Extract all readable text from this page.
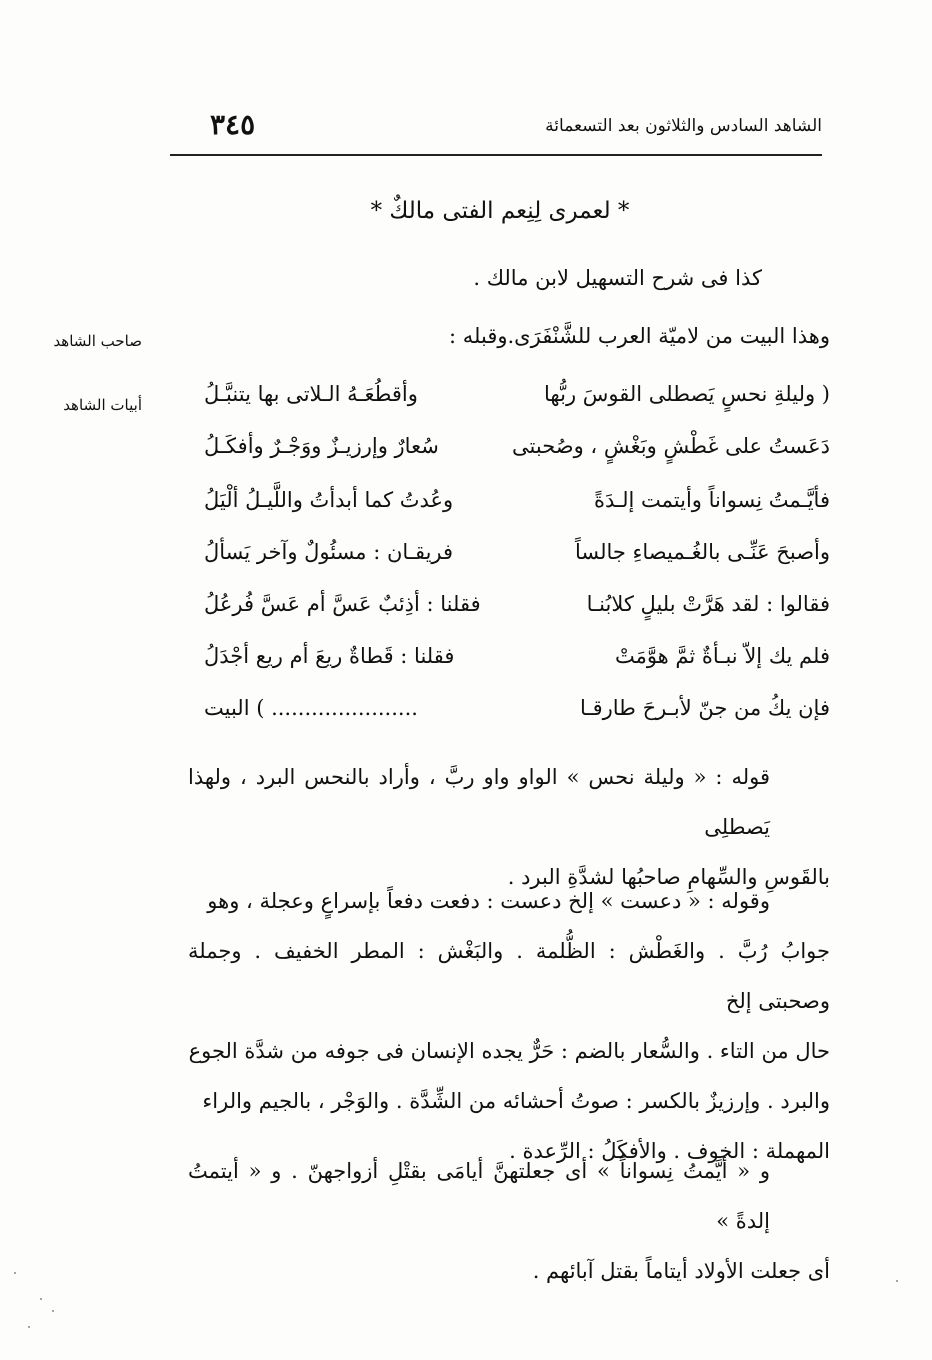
٣٤٥	الشاهد السادس والثلاثون بعد التسعمائة
* لعمرى لِنِعم الفتى مالكٌ *
كذا فى شرح التسهيل لابن مالك .
وهذا البيت من لاميّة العرب للشَّنْفَرَى.وقبله :
صاحب الشاهد
أبيات الشاهد	( وليلةِ نحسٍ يَصطلى القوسَ ربُّها
وأقطُعَـهُ الـلاتى بها يتنبَّـلُ
دَعَستُ على غَطْشٍ وبَغْشٍ ، وصُحبتى
سُعارٌ وإرزيـزٌ ووَجْـرٌ وأفكَـلُ
فأيَّـمتُ نِسواناً وأيتمت إلـدَةً
وعُدتُ كما أبدأتُ واللَّيـلُ ألْيَلُ
وأصبحَ عَنِّـى بالغُـميصاءِ جالساً
فريقـان : مسئُولٌ وآخر يَسألُ
فقالوا : لقد هَرَّتْ بليلٍ كلابُنـا
فقلنا : أذِئبٌ عَسَّ أم عَسَّ فُرعُلُ
فلم يك إلاّ نبـأةٌ ثمَّ هوَّمَتْ
فقلنا : قَطاةٌ ريعَ أم ريع أجْدَلُ
فإن يكُ من جنّ لأبـرحَ طارقـا
...................... ) البيت
قوله : « وليلة نحس » الواو واو ربَّ ، وأراد بالنحس البرد ، ولهذا يَصطلِى
بالقَوسِ والسِّهامِ صاحبُها لشدَّةِ البرد .
وقوله : « دعست » إلخ دعست : دفعت دفعاً بإسراعٍ وعجلة ، وهو
جوابُ رُبَّ . والغَطْش : الظُّلمة . والبَغْش : المطر الخفيف . وجملة وصحبتى إلخ
حال من التاء . والسُّعار بالضم : حَرٌّ يجده الإنسان فى جوفه من شدَّة الجوع
والبرد . وإرزيزٌ بالكسر : صوتُ أحشائه من الشِّدَّة . والوَجْر ، بالجيم والراء
المهملة : الخوف . والأفكَلُ : الرِّعدة .
و « أيَّمتُ نِسواناً » أى جعلتهنَّ أيامَى بقتْلِ أزواجهنّ . و « أيتمتُ إلدةً »
أى جعلت الأولاد أيتاماً بقتل آبائهم .
